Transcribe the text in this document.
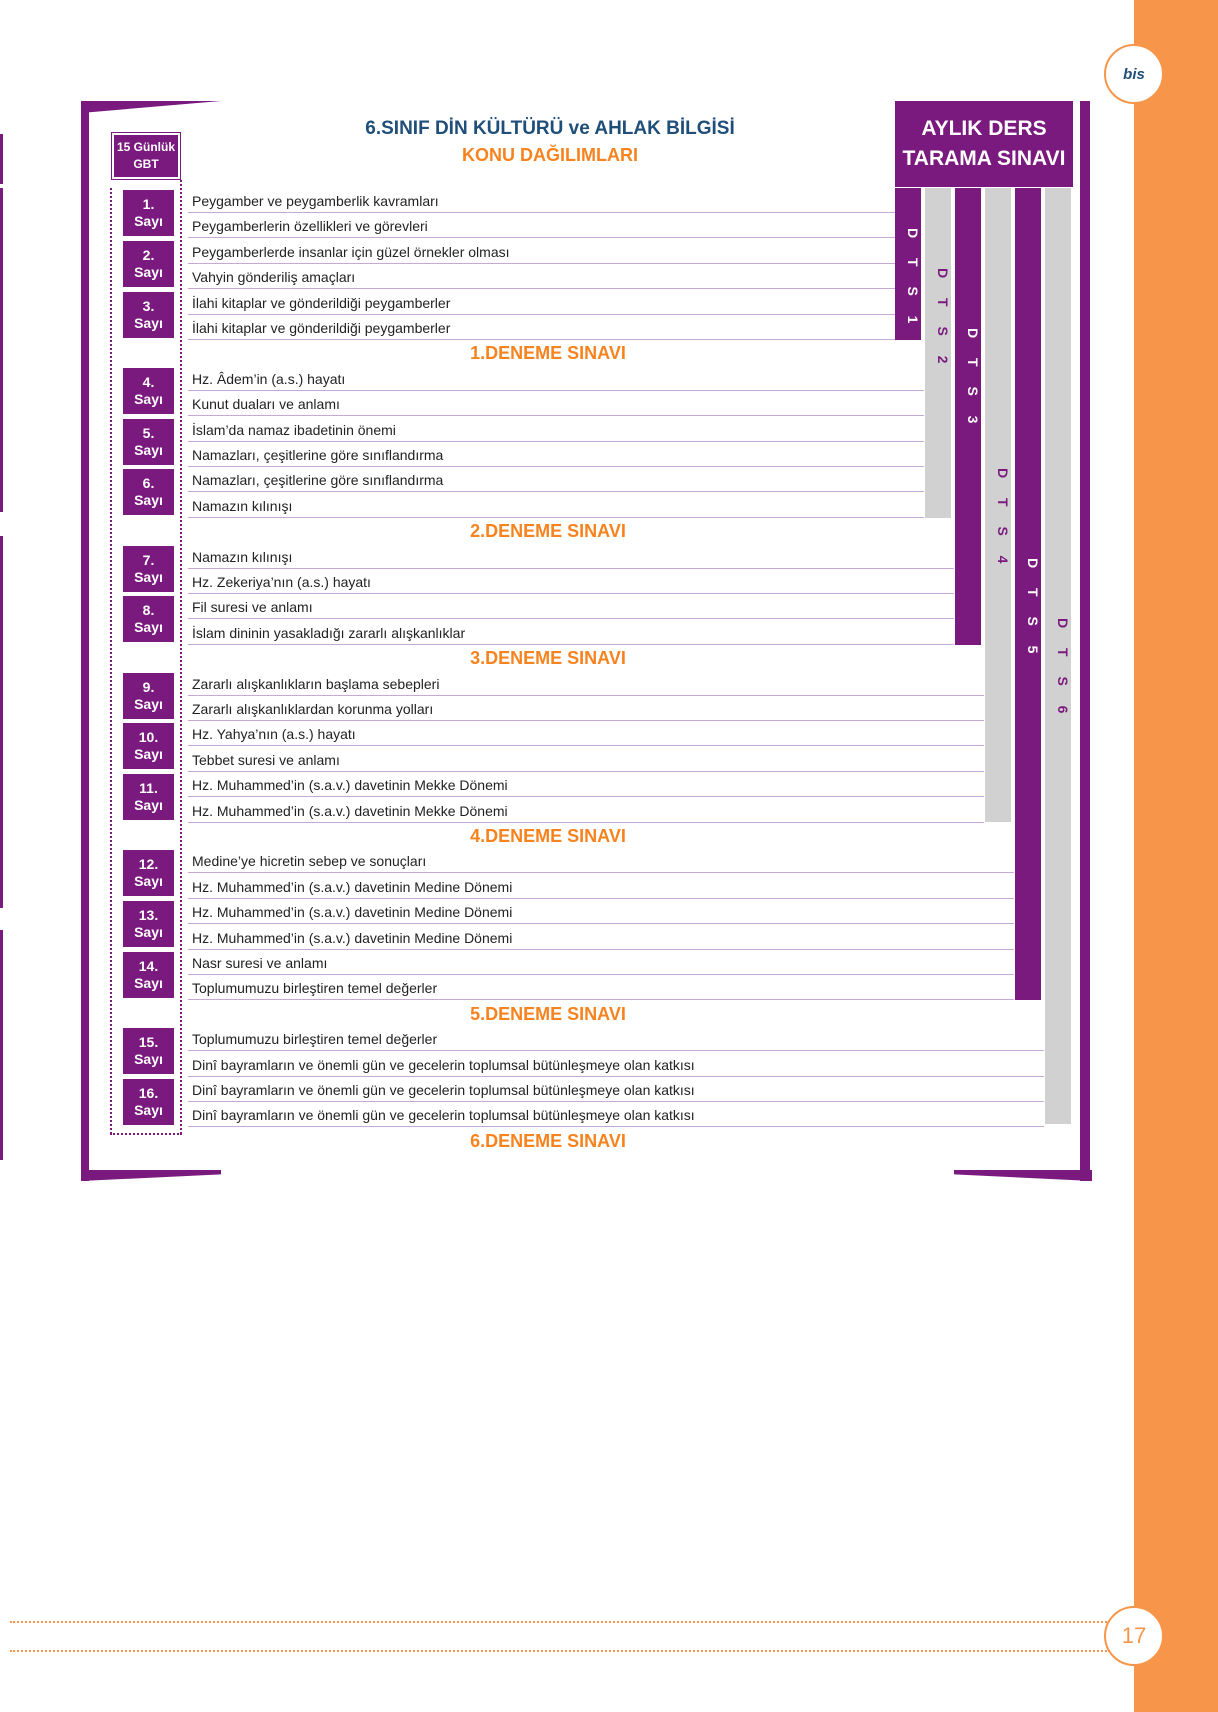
bis
15 Günlük GBT
6.SINIF DİN KÜLTÜRÜ ve AHLAK BİLGİSİ
KONU DAĞILIMLARI
AYLIK DERS
TARAMA SINAVI
1.
Sayı
2.
Sayı
3.
Sayı
4.
Sayı
5.
Sayı
6.
Sayı
7.
Sayı
8.
Sayı
9.
Sayı
10.
Sayı
11.
Sayı
12.
Sayı
13.
Sayı
14.
Sayı
15.
Sayı
16.
Sayı
Peygamber ve peygamberlik kavramları
Peygamberlerin özellikleri ve görevleri
Peygamberlerde insanlar için güzel örnekler olması
Vahyin gönderiliş amaçları
İlahi kitaplar ve gönderildiği peygamberler
İlahi kitaplar ve gönderildiği peygamberler
1.DENEME SINAVI
Hz. Âdem’in (a.s.) hayatı
Kunut duaları ve anlamı
İslam’da namaz ibadetinin önemi
Namazları, çeşitlerine göre sınıflandırma
Namazları, çeşitlerine göre sınıflandırma
Namazın kılınışı
2.DENEME SINAVI
Namazın kılınışı
Hz. Zekeriya’nın (a.s.) hayatı
Fil suresi ve anlamı
İslam dininin yasakladığı zararlı alışkanlıklar
3.DENEME SINAVI
Zararlı alışkanlıkların başlama sebepleri
Zararlı alışkanlıklardan korunma yolları
Hz. Yahya’nın (a.s.) hayatı
Tebbet suresi ve anlamı
Hz. Muhammed’in (s.a.v.) davetinin Mekke Dönemi
Hz. Muhammed’in (s.a.v.) davetinin Mekke Dönemi
4.DENEME SINAVI
Medine’ye hicretin sebep ve sonuçları
Hz. Muhammed’in (s.a.v.) davetinin Medine Dönemi
Hz. Muhammed’in (s.a.v.) davetinin Medine Dönemi
Hz. Muhammed’in (s.a.v.) davetinin Medine Dönemi
Nasr suresi ve anlamı
Toplumumuzu birleştiren temel değerler
5.DENEME SINAVI
Toplumumuzu birleştiren temel değerler
Dinî bayramların ve önemli gün ve gecelerin toplumsal bütünleşmeye olan katkısı
Dinî bayramların ve önemli gün ve gecelerin toplumsal bütünleşmeye olan katkısı
Dinî bayramların ve önemli gün ve gecelerin toplumsal bütünleşmeye olan katkısı
6.DENEME SINAVI
D T S 1	D T S 2
D T S 3
D T S 4
D T S 5
D T S 6
17
